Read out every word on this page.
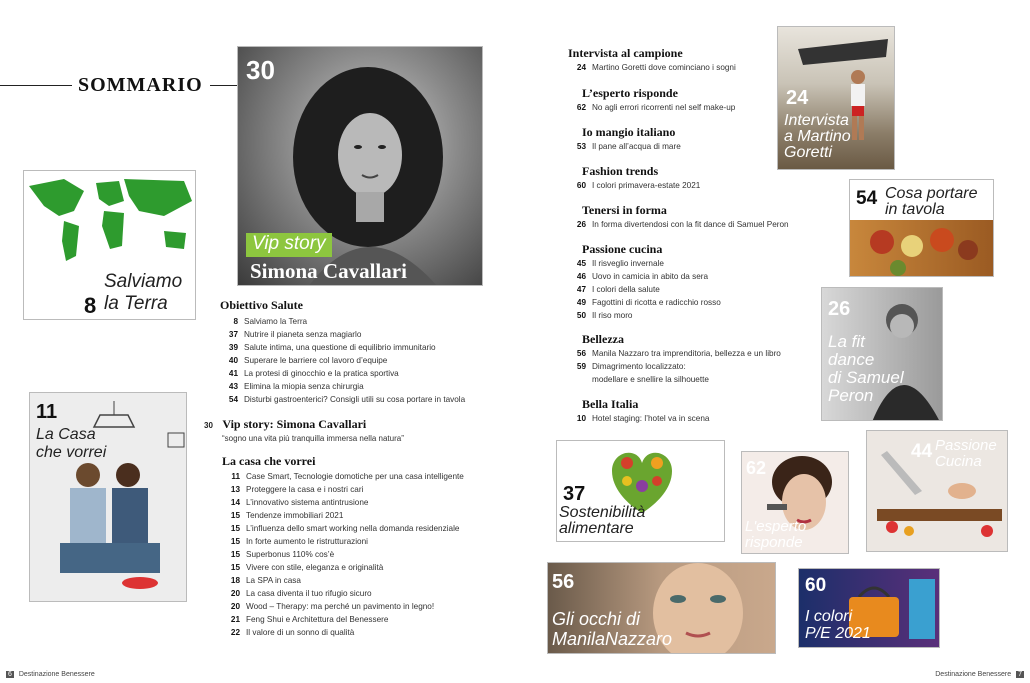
SOMMARIO 30
Vip story
Simona Cavallari
Salviamo
8 la Terra
11
La Casa
che vorrei
Obiettivo Salute
8 Salviamo la Terra
37 Nutrire il pianeta senza magiarlo
39 Salute intima, una questione di equilibrio immunitario
40 Superare le barriere col lavoro d’equipe
41 La protesi di ginocchio e la pratica sportiva
43 Elimina la miopia senza chirurgia
54 Disturbi gastroenterici? Consigli utili su cosa portare in tavola
30 Vip story: Simona Cavallari
“sogno una vita più tranquilla immersa nella natura”
La casa che vorrei
11 Case Smart, Tecnologie domotiche per una casa intelligente
13 Proteggere la casa e i nostri cari
14 L’innovativo sistema antintrusione
15 Tendenze immobiliari 2021
15 L’influenza dello smart working nella domanda residenziale
15 In forte aumento le ristrutturazioni
15 Superbonus 110% cos’è
15 Vivere con stile, eleganza e originalità
18 La SPA in casa
20 La casa diventa il tuo rifugio sicuro
20 Wood – Therapy: ma perché un pavimento in legno!
21 Feng Shui e Architettura del Benessere
22 Il valore di un sonno di qualità
Intervista al campione
24 Martino Goretti dove cominciano i sogni
L’esperto risponde
62 No agli errori ricorrenti nel self make-up
Io mangio italiano
53 Il pane all’acqua di mare
Fashion trends
60 I colori primavera-estate 2021
Tenersi in forma
26 In forma divertendosi con la fit dance di Samuel Peron
Passione cucina
45 Il risveglio invernale
46 Uovo in camicia in abito da sera
47 I colori della salute
49 Fagottini di ricotta e radicchio rosso
50 Il riso moro
Bellezza
56 Manila Nazzaro tra imprenditoria, bellezza e un libro
59 Dimagrimento localizzato:
modellare e snellire la silhouette
Bella Italia
10 Hotel staging: l’hotel va in scena
24
Intervista
a Martino
Goretti
54 Cosa portare
in tavola
26
La fit
dance
di Samuel
Peron
37
Sostenibilità
alimentare
62
L'esperto
risponde
44 Passione
Cucina
56
Gli occhi di
ManilaNazzaro
60
I colori
P/E 2021
6 Destinazione Benessere	Destinazione Benessere 7
